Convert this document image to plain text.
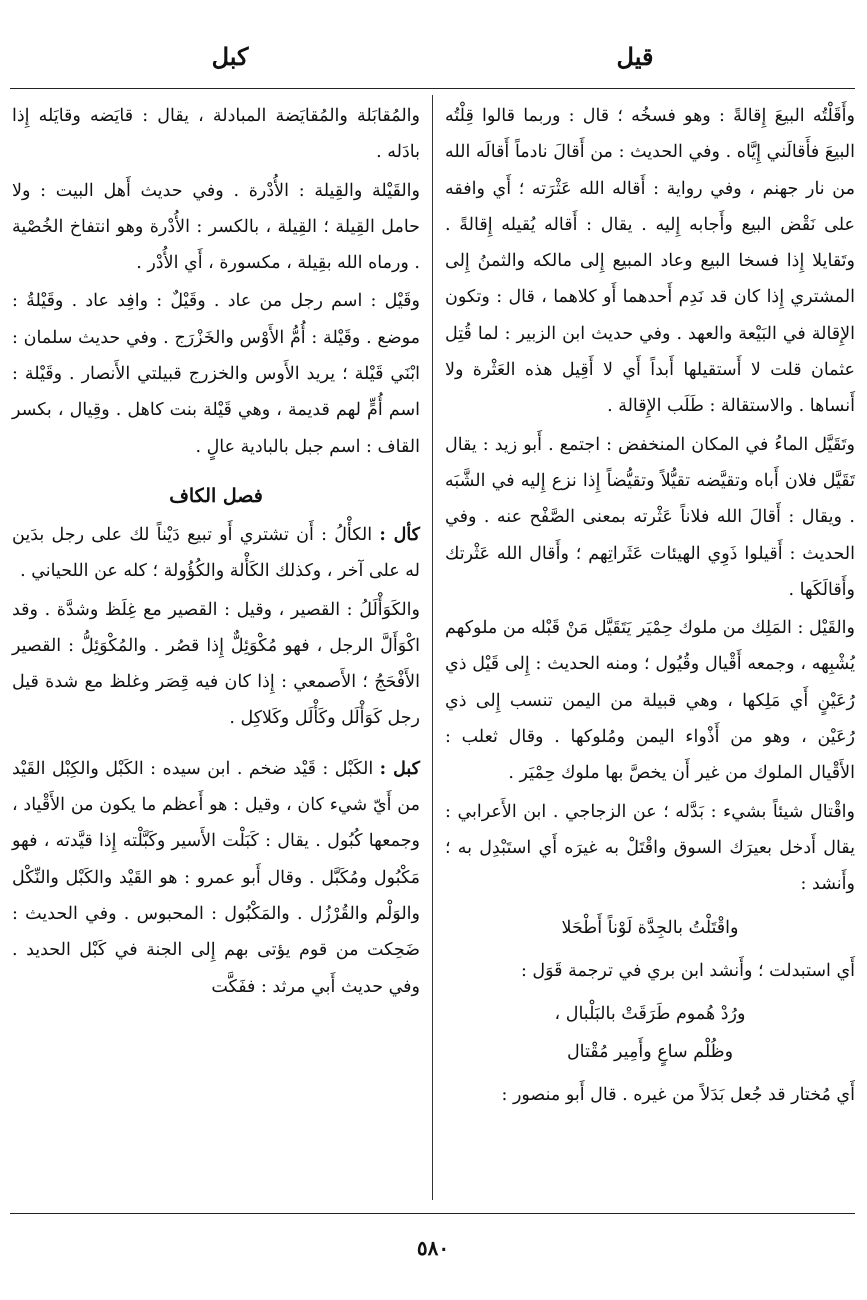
قيل
كبل

وأَقَلْتُه البيعَ إِقالةً : وهو فسخُه ؛ قال : وربما قالوا قِلْتُه البيعَ فأَقالَني إِيَّاه . وفي الحديث : من أَقالَ نادماً أَقالَه الله من نار جهنم ، وفي رواية : أَقاله الله عَثْرَته ؛ أَي وافقه على نَقْض البيع وأَجابه إِليه . يقال : أَقاله يُقيله إِقالةً . وتَقايلا إِذا فسخا البيع وعاد المبيع إِلى مالكه والثمنُ إِلى المشتري إِذا كان قد نَدِم أَحدهما أَو كلاهما ، قال : وتكون الإِقالة في البَيْعة والعهد . وفي حديث ابن الزبير : لما قُتِل عثمان قلت لا أَستقيلها أَبداً أَي لا أَقِيل هذه العَثْرة ولا أَنساها . والاستقالة : طَلَب الإِقالة .

وتَقَيَّل الماءُ في المكان المنخفض : اجتمع . أَبو زيد : يقال تَقَيَّل فلان أَباه وتقيَّضه تقيُّلاً وتقيُّضاً إِذا نزع إِليه في الشَّبَه . ويقال : أَقالَ الله فلاناً عَثْرته بمعنى الصَّفْح عنه . وفي الحديث : أَقيلوا ذَوِي الهيئات عَثَراتِهم ؛ وأَقال الله عَثْرتك وأَقالَكَها .

والقَيْل : المَلِك من ملوك حِمْيَر يَتَقَيَّل مَنْ قَبْله من ملوكهم يُشْبِهه ، وجمعه أَقْيال وقُيُول ؛ ومنه الحديث : إِلى قَيْل ذي رُعَيْنٍ أَي مَلِكها ، وهي قبيلة من اليمن تنسب إِلى ذي رُعَيْن ، وهو من أَذْواء اليمن ومُلوكها . وقال ثعلب : الأَقْيال الملوك من غير أَن يخصَّ بها ملوك حِمْيَر .

واقْتال شيئاً بشيء : بَدَّله ؛ عن الزجاجي . ابن الأَعرابي : يقال أَدخل بعيرَك السوق واقْتَلْ به غيرَه أَي استَبْدِل به ؛ وأَنشد :

واقْتَلْتُ بالجِدَّة لَوْناً أَطْحَلا

أَي استبدلت ؛ وأَنشد ابن بري في ترجمة قَوَل :

ورُدْ هُموم طَرَقَتْ بالبَلْبال ،
وظُلْم ساعٍ وأَمِير مُقْتال

أَي مُختار قد جُعل بَدَلاً من غيره . قال أَبو منصور :

والمُقابَلة والمُقايَضة المبادلة ، يقال : قايَضه وقايَله إِذا بادَله .

والقَيْلة والقِيلة : الأُدْرة . وفي حديث أَهل البيت : ولا حامل القِيلة ؛ القِيلة ، بالكسر : الأُدْرة وهو انتفاخ الخُصْية . ورماه الله بقِيلة ، مكسورة ، أَي الأُدْر .

وقَيْل : اسم رجل من عاد . وقَيْلٌ : وافِد عاد . وقَيْلةُ : موضع . وقَيْلة : أُمُّ الأَوْس والخَزْرَج . وفي حديث سلمان : ابْنَي قَيْلة ؛ يريد الأَوس والخزرج قبيلتي الأَنصار . وقَيْلة : اسم أُمٍّ لهم قديمة ، وهي قَيْلة بنت كاهل . وقِيال ، بكسر القاف : اسم جبل بالبادية عالٍ .

فصل الكاف

كأل : الكأْلُ : أَن تشتري أَو تبيع دَيْناً لك على رجل بدَين له على آخر ، وكذلك الكَأْلة والكُؤُولة ؛ كله عن اللحياني .

والكَوَأْلَلُ : القصير ، وقيل : القصير مع غِلَظ وشدَّة . وقد اكْوَأَلَّ الرجل ، فهو مُكْوَئِلٌّ إِذا قصُر . والمُكْوَئِلُّ : القصير الأَفْحَجُ ؛ الأَصمعي : إِذا كان فيه قِصَر وغلظ مع شدة قيل رجل كَوَأْلَل وكَأْلَل وكَلاكِل .

كبل : الكَبْل : قَيْد ضخم . ابن سيده : الكَبْل والكِبْل القَيْد من أَيّ شيء كان ، وقيل : هو أَعظم ما يكون من الأَقْياد ، وجمعها كُبُول . يقال : كَبَلْت الأَسير وكَبَّلْته إِذا قيَّدته ، فهو مَكْبُول ومُكَبَّل . وقال أَبو عمرو : هو القَيْد والكَبْل والنِّكْل والوَلْم والقُرْزُل . والمَكْبُول : المحبوس . وفي الحديث : ضَحِكت من قوم يؤتى بهم إِلى الجنة في كَبْل الحديد . وفي حديث أَبي مرثد : ففَكَّت

٥٨٠
